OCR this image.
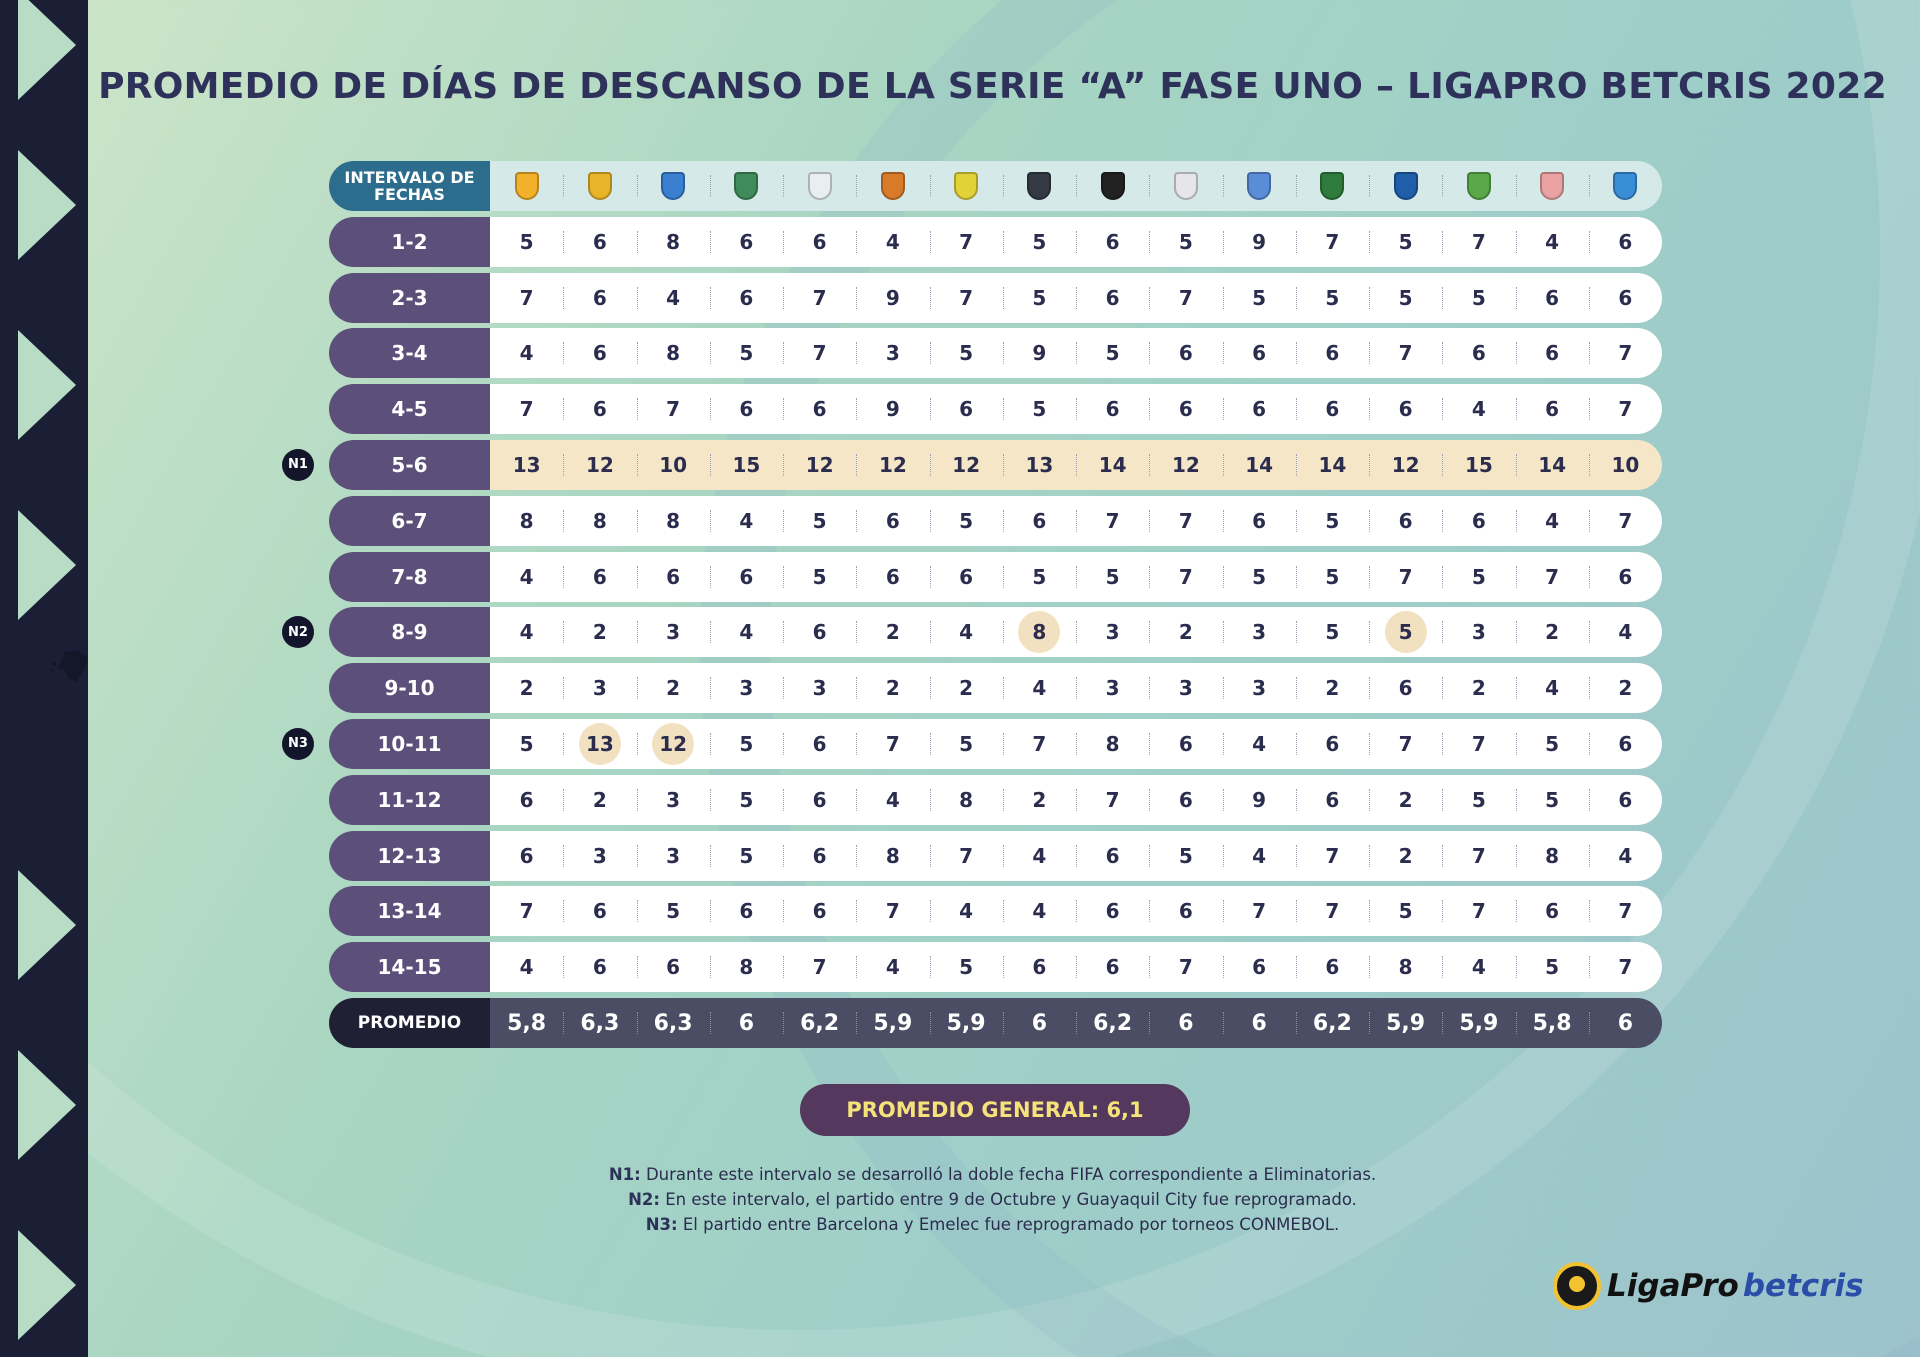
PROMEDIO DE DÍAS DE DESCANSO DE LA SERIE “A” FASE UNO – LIGAPRO BETCRIS 2022
INTERVALO DE FECHAS
1-2	5	6	8	6	6	4	7	5	6	5	9	7	5	7	4	6
2-3	7	6	4	6	7	9	7	5	6	7	5	5	5	5	6	6
3-4	4	6	8	5	7	3	5	9	5	6	6	6	7	6	6	7
4-5	7	6	7	6	6	9	6	5	6	6	6	6	6	4	6	7
N1	5-6	13 12 10 15 12 12 12 13 14 12 14 14 12 15 14 10
6-7	8	8	8	4	5	6	5	6	7	7	6	5	6	6	4	7
7-8	4	6	6	6	5	6	6	5	5	7	5	5	7	5	7	6
N2	8-9	4	2	3	4	6	2	4	8	3	2	3	5	5	3	2	4
9-10	2	3	2	3	3	2	2	4	3	3	3	2	6	2	4	2
N3	10-11	5	13	12	5	6	7	5	7	8	6	4	6	7	7	5	6
11-12	6	2	3	5	6	4	8	2	7	6	9	6	2	5	5	6
12-13	6	3	3	5	6	8	7	4	6	5	4	7	2	7	8	4
13-14	7	6	5	6	6	7	4	4	6	6	7	7	5	7	6	7
14-15	4	6	6	8	7	4	5	6	6	7	6	6	8	4	5	7
PROMEDIO	5,8	6,3	6,3	6	6,2	5,9	5,9	6	6,2	6	6	6,2	5,9	5,9	5,8	6
PROMEDIO GENERAL: 6,1
N1: Durante este intervalo se desarrolló la doble fecha FIFA correspondiente a Eliminatorias.
N2: En este intervalo, el partido entre 9 de Octubre y Guayaquil City fue reprogramado.
N3: El partido entre Barcelona y Emelec fue reprogramado por torneos CONMEBOL.
LigaPro betcris
